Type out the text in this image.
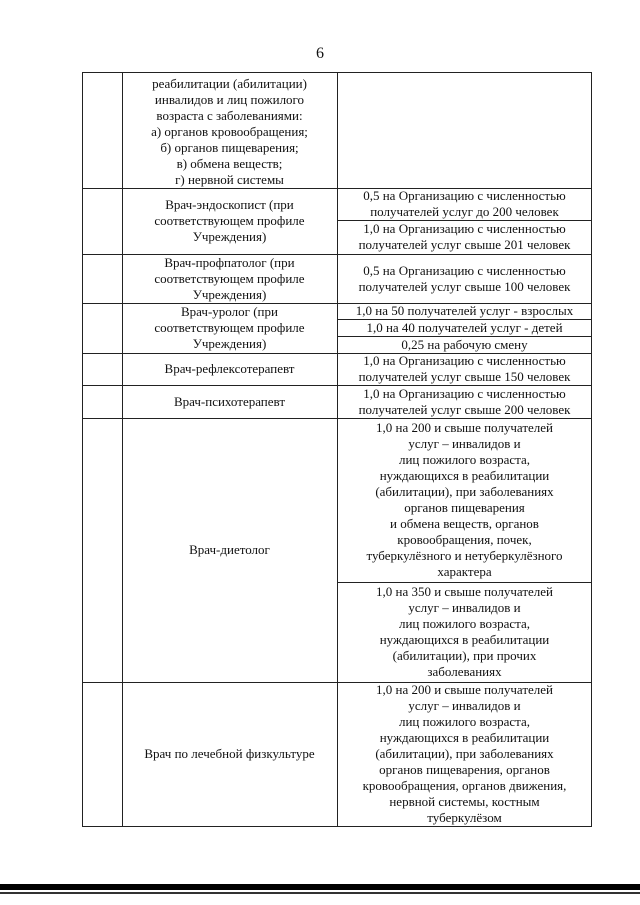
6
реабилитации (абилитации)
инвалидов и лиц пожилого
возраста с заболеваниями:
а) органов кровообращения;
б) органов пищеварения;
в) обмена веществ;
г) нервной системы
Врач-эндоскопист (при
соответствующем профиле
Учреждения)
0,5 на Организацию с численностью
получателей услуг до 200 человек
1,0 на Организацию с численностью
получателей услуг свыше 201 человек
Врач-профпатолог (при
соответствующем профиле
Учреждения)
0,5 на Организацию с численностью
получателей услуг свыше 100 человек
Врач-уролог (при
соответствующем профиле
Учреждения)
1,0 на 50 получателей услуг - взрослых
1,0 на 40 получателей услуг - детей
0,25 на рабочую смену
Врач-рефлексотерапевт
1,0 на Организацию с численностью
получателей услуг свыше 150 человек
Врач-психотерапевт
1,0 на Организацию с численностью
получателей услуг свыше 200 человек
Врач-диетолог
1,0 на 200 и свыше получателей
услуг – инвалидов и
лиц пожилого возраста,
нуждающихся в реабилитации
(абилитации), при заболеваниях
органов пищеварения
и обмена веществ, органов
кровообращения, почек,
туберкулёзного и нетуберкулёзного
характера
1,0 на 350 и свыше получателей
услуг – инвалидов и
лиц пожилого возраста,
нуждающихся в реабилитации
(абилитации), при прочих
заболеваниях
Врач по лечебной физкультуре
1,0 на 200 и свыше получателей
услуг – инвалидов и
лиц пожилого возраста,
нуждающихся в реабилитации
(абилитации), при заболеваниях
органов пищеварения, органов
кровообращения, органов движения,
нервной системы, костным
туберкулёзом
